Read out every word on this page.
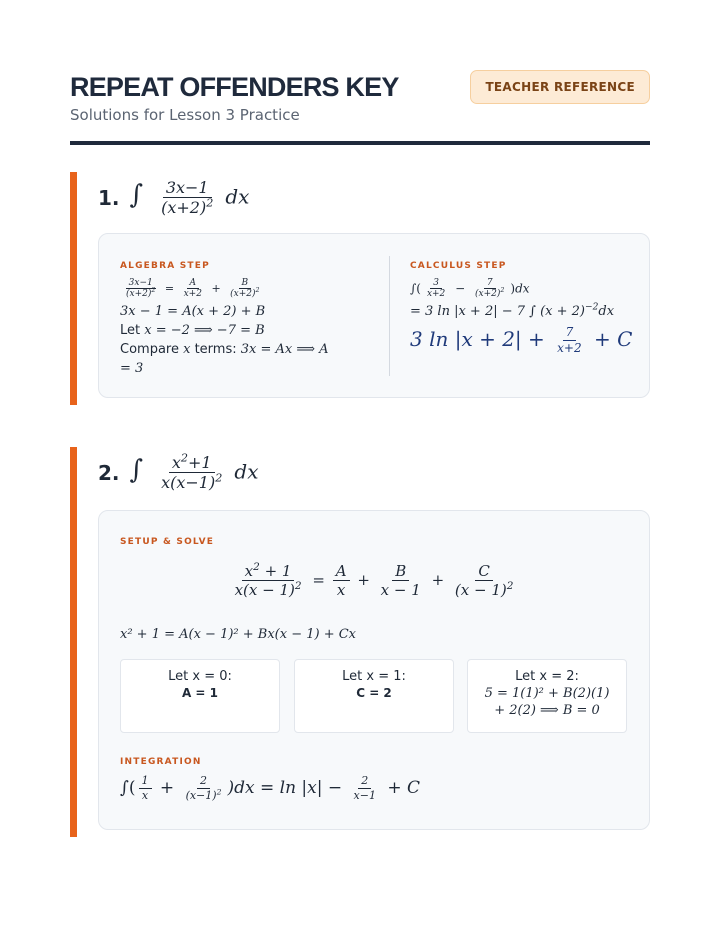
REPEAT OFFENDERS KEY
Solutions for Lesson 3 Practice
TEACHER REFERENCE
1. ∫ $\frac{3x-1}{(x+2)^2}$ dx
ALGEBRA STEP
$\frac{3x-1}{(x+2)^2} = \frac{A}{x+2} + \frac{B}{(x+2)^2}$
3x − 1 = A(x + 2) + B
Let x = −2 ⟹ −7 = B
Compare x terms: 3x = Ax ⟹ A
= 3
CALCULUS STEP
∫( $\frac{3}{x+2} - \frac{7}{(x+2)^2} )dx$
= 3 ln |x + 2| − 7 ∫ $(x + 2)^{-2}dx$
3 $\ln |x + 2| + \frac{7}{x+2} + C$
2. ∫ $\frac{x^2+1}{x(x-1)^2}$ dx
SETUP & SOLVE
$\frac{x^2 + 1}{x(x - 1)^2} = \frac{A}{x} + \frac{B}{x - 1} + \frac{C}{(x - 1)^2}$
x² + 1 = A(x − 1)² + Bx(x − 1) + Cx
Let x = 0:
A = 1
Let x = 1:
C = 2
Let x = 2:
5 = 1(1)² + B(2)(1)
+ 2(2) ⟹ B = 0
INTEGRATION
∫( $\frac{1}{x} + \frac{2}{(x-1)^2} )dx = \ln |x| - \frac{2}{x-1} + C$
